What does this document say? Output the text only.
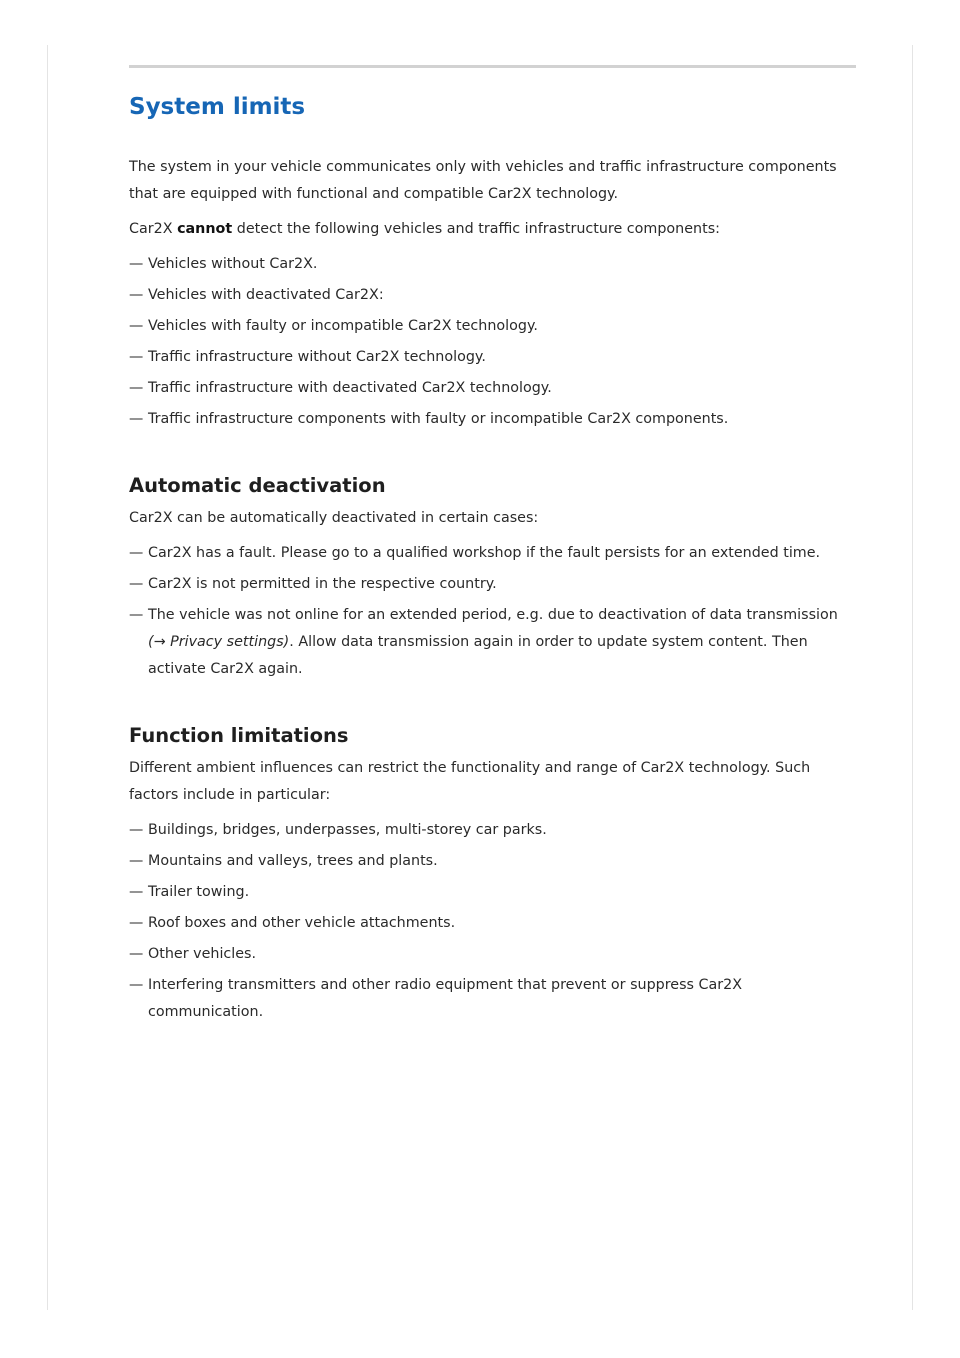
System limits

The system in your vehicle communicates only with vehicles and traffic infrastructure components that are equipped with functional and compatible Car2X technology.

Car2X cannot detect the following vehicles and traffic infrastructure components:

— Vehicles without Car2X.
— Vehicles with deactivated Car2X:
— Vehicles with faulty or incompatible Car2X technology.
— Traffic infrastructure without Car2X technology.
— Traffic infrastructure with deactivated Car2X technology.
— Traffic infrastructure components with faulty or incompatible Car2X components.
Automatic deactivation

Car2X can be automatically deactivated in certain cases:

— Car2X has a fault. Please go to a qualified workshop if the fault persists for an extended time.
— Car2X is not permitted in the respective country.
— The vehicle was not online for an extended period, e.g. due to deactivation of data transmission (→ Privacy settings). Allow data transmission again in order to update system content. Then activate Car2X again.
Function limitations

Different ambient influences can restrict the functionality and range of Car2X technology. Such factors include in particular:

— Buildings, bridges, underpasses, multi-storey car parks.
— Mountains and valleys, trees and plants.
— Trailer towing.
— Roof boxes and other vehicle attachments.
— Other vehicles.
— Interfering transmitters and other radio equipment that prevent or suppress Car2X communication.
